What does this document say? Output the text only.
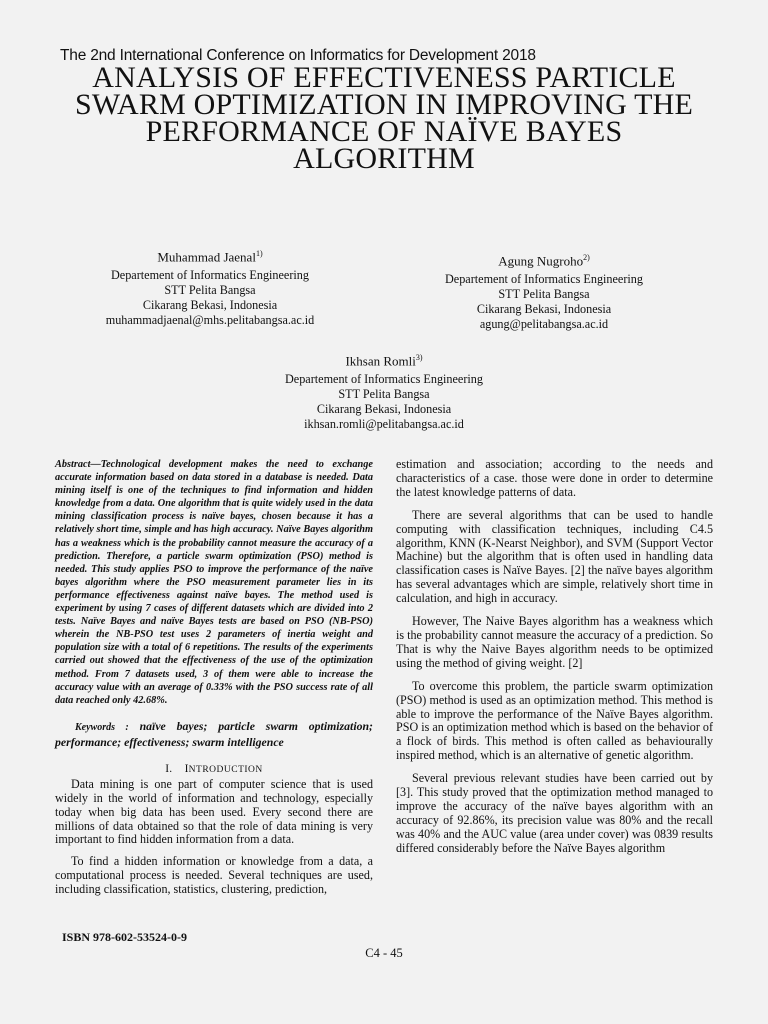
The 2nd International Conference on Informatics for Development 2018
ANALYSIS OF EFFECTIVENESS PARTICLE
SWARM OPTIMIZATION IN IMPROVING THE
PERFORMANCE OF NAÏVE BAYES
ALGORITHM
Muhammad Jaenal$^{1)}$
Departement of Informatics Engineering
STT Pelita Bangsa
Cikarang Bekasi, Indonesia
muhammadjaenal@mhs.pelitabangsa.ac.id
Agung Nugroho$^{2)}$
Departement of Informatics Engineering
STT Pelita Bangsa
Cikarang Bekasi, Indonesia
agung@pelitabangsa.ac.id
Ikhsan Romli$^{3)}$
Departement of Informatics Engineering
STT Pelita Bangsa
Cikarang Bekasi, Indonesia
ikhsan.romli@pelitabangsa.ac.id

Abstract—Technological development makes the need to exchange accurate information based on data stored in a database is needed. Data mining itself is one of the techniques to find information and hidden knowledge from a data. One algorithm that is quite widely used in the data mining classification process is naïve bayes, chosen because it has a relatively short time, simple and has high accuracy. Naïve Bayes algorithm has a weakness which is the probability cannot measure the accuracy of a prediction. Therefore, a particle swarm optimization (PSO) method is needed. This study applies PSO to improve the performance of the naïve bayes algorithm where the PSO measurement parameter lies in its performance effectiveness against naïve bayes. The method used is experiment by using 7 cases of different datasets which are divided into 2 tests. Naïve Bayes and naïve Bayes tests are based on PSO (NB-PSO) wherein the NB-PSO test uses 2 parameters of inertia weight and population size with a total of 6 repetitions. The results of the experiments carried out showed that the effectiveness of the use of the optimization method. From 7 datasets used, 3 of them were able to increase the accuracy value with an average of 0.33% with the PSO success rate of all data reached only 42.68%.

Keywords : naïve bayes; particle swarm optimization; performance; effectiveness; swarm intelligence

I. INTRODUCTION

Data mining is one part of computer science that is used widely in the world of information and technology, especially today when big data has been used. Every second there are millions of data obtained so that the role of data mining is very important to find hidden information from a data.

To find a hidden information or knowledge from a data, a computational process is needed. Several techniques are used, including classification, statistics, clustering, prediction,

estimation and association; according to the needs and characteristics of a case. those were done in order to determine the latest knowledge patterns of data.

There are several algorithms that can be used to handle computing with classification techniques, including C4.5 algorithm, KNN (K-Nearst Neighbor), and SVM (Support Vector Machine) but the algorithm that is often used in handling data classification cases is Naïve Bayes. [2] the naïve bayes algorithm has several advantages which are simple, relatively short time in calculation, and high in accuracy.

However, The Naive Bayes algorithm has a weakness which is the probability cannot measure the accuracy of a prediction. So That is why the Naive Bayes algorithm needs to be optimized using the method of giving weight. [2]

To overcome this problem, the particle swarm optimization (PSO) method is used as an optimization method. This method is able to improve the performance of the Naïve Bayes algorithm. PSO is an optimization method which is based on the behavior of a flock of birds. This method is often called as behaviourally inspired method, which is an alternative of genetic algorithm.

Several previous relevant studies have been carried out by [3]. This study proved that the optimization method managed to improve the accuracy of the naïve bayes algorithm with an accuracy of 92.86%, its precision value was 80% and the recall was 40% and the AUC value (area under cover) was 0839 results differed considerably before the Naïve Bayes algorithm

ISBN 978-602-53524-0-9
C4 - 45
